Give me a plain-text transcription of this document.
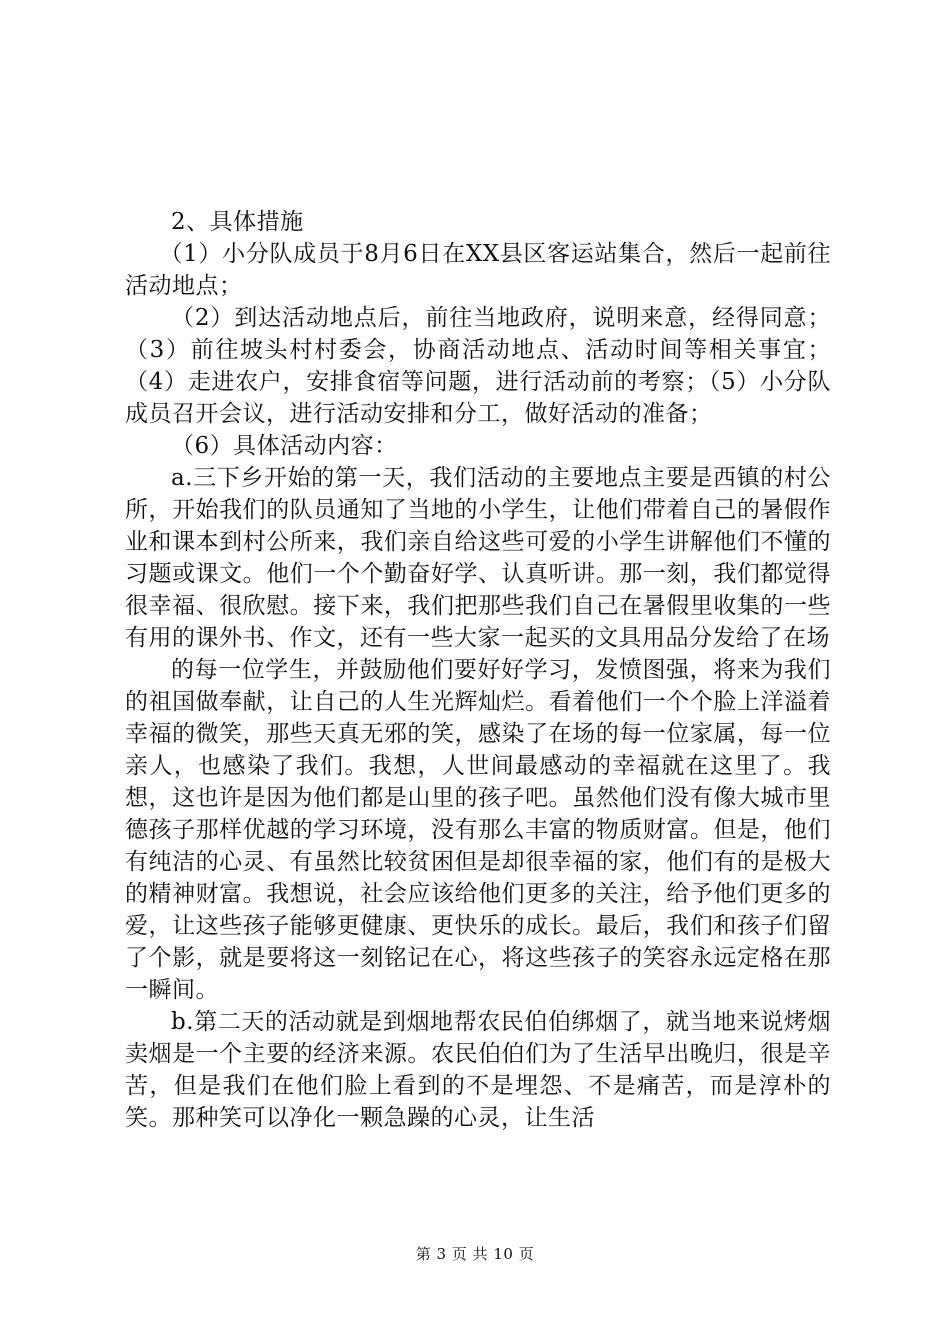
2、具体措施

（1）小分队成员于8月6日在XX县区客运站集合，然后一起前往活动地点；

（2）到达活动地点后，前往当地政府，说明来意，经得同意；（3）前往坡头村村委会，协商活动地点、活动时间等相关事宜；（4）走进农户，安排食宿等问题，进行活动前的考察；（5）小分队成员召开会议，进行活动安排和分工，做好活动的准备；

（6）具体活动内容：

a.三下乡开始的第一天，我们活动的主要地点主要是西镇的村公所，开始我们的队员通知了当地的小学生，让他们带着自己的暑假作业和课本到村公所来，我们亲自给这些可爱的小学生讲解他们不懂的习题或课文。他们一个个勤奋好学、认真听讲。那一刻，我们都觉得很幸福、很欣慰。接下来，我们把那些我们自己在暑假里收集的一些有用的课外书、作文，还有一些大家一起买的文具用品分发给了在场

的每一位学生，并鼓励他们要好好学习，发愤图强，将来为我们的祖国做奉献，让自己的人生光辉灿烂。看着他们一个个脸上洋溢着幸福的微笑，那些天真无邪的笑，感染了在场的每一位家属，每一位亲人，也感染了我们。我想，人世间最感动的幸福就在这里了。我想，这也许是因为他们都是山里的孩子吧。虽然他们没有像大城市里德孩子那样优越的学习环境，没有那么丰富的物质财富。但是，他们有纯洁的心灵、有虽然比较贫困但是却很幸福的家，他们有的是极大的精神财富。我想说，社会应该给他们更多的关注，给予他们更多的爱，让这些孩子能够更健康、更快乐的成长。最后，我们和孩子们留了个影，就是要将这一刻铭记在心，将这些孩子的笑容永远定格在那一瞬间。

b.第二天的活动就是到烟地帮农民伯伯绑烟了，就当地来说烤烟卖烟是一个主要的经济来源。农民伯伯们为了生活早出晚归，很是辛苦，但是我们在他们脸上看到的不是埋怨、不是痛苦，而是淳朴的笑。那种笑可以净化一颗急躁的心灵，让生活

第 3 页 共 10 页
